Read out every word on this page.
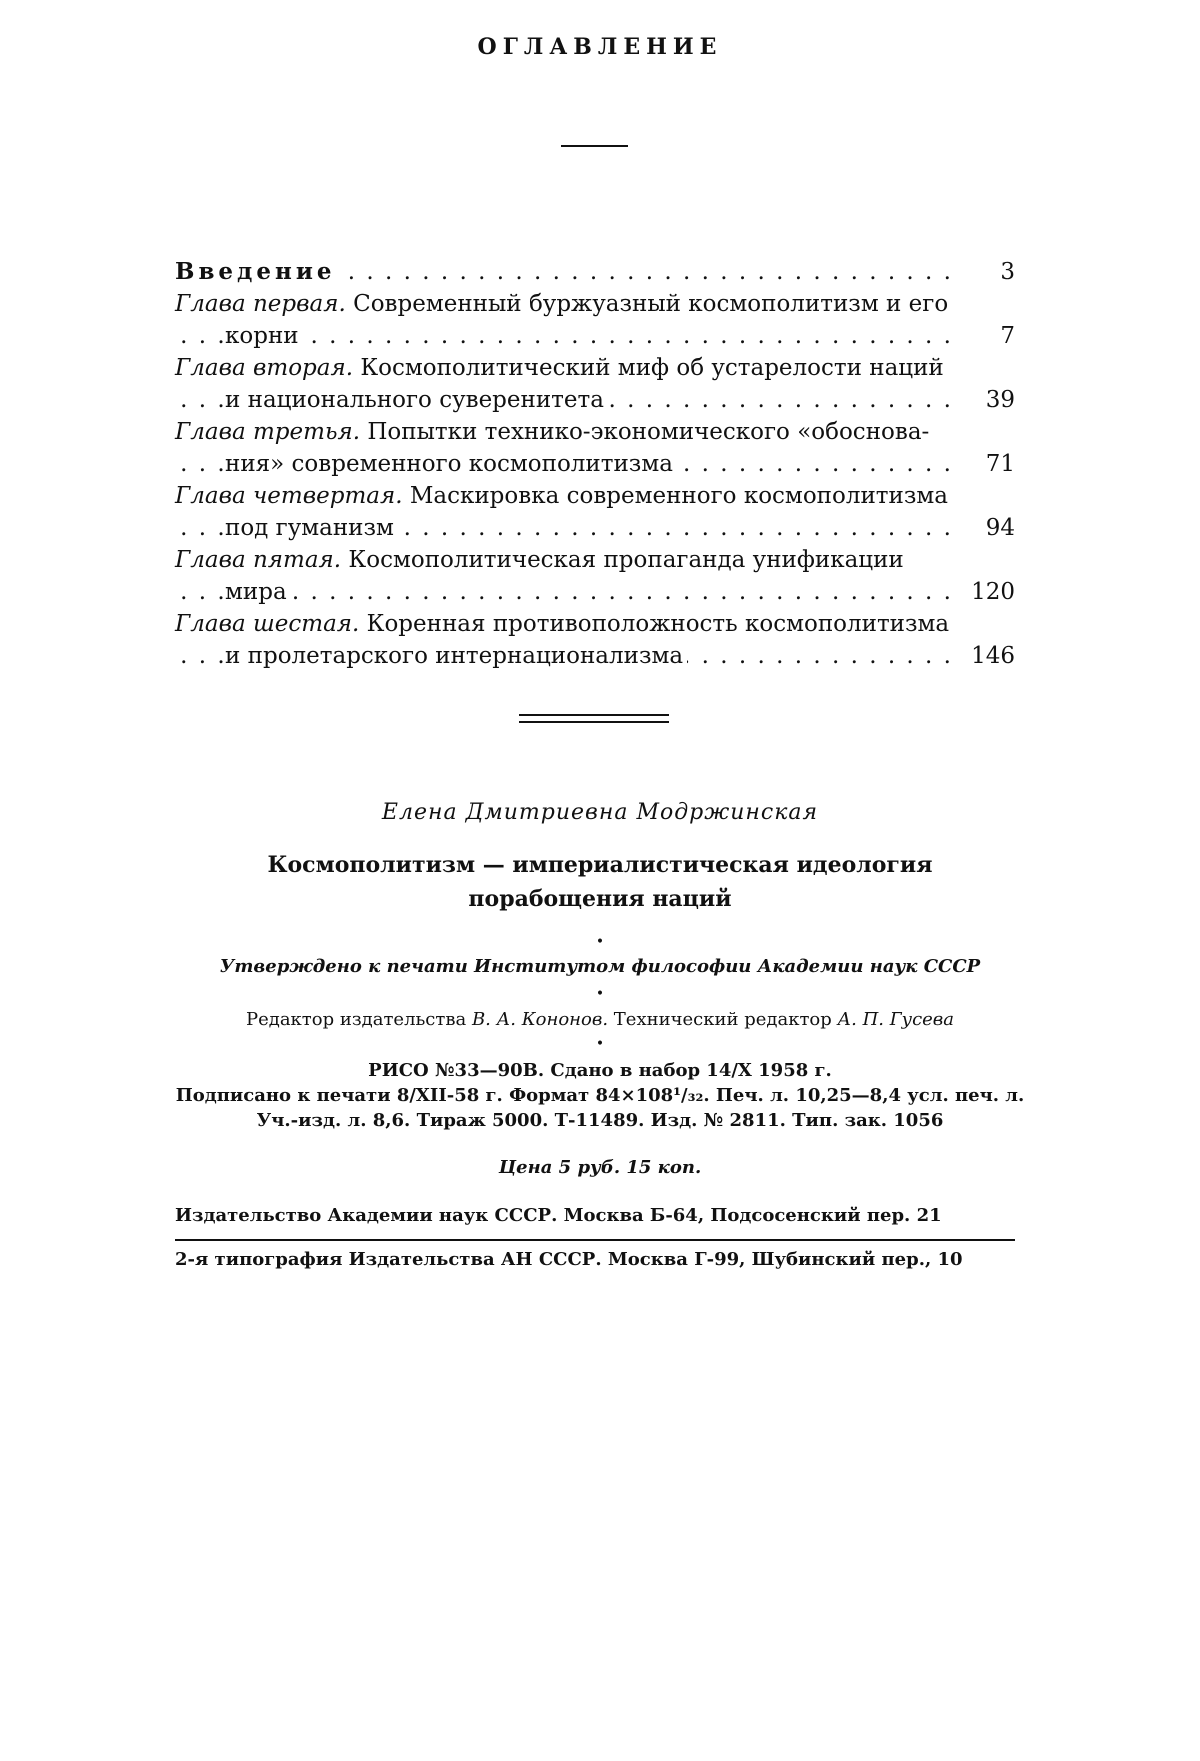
ОГЛАВЛЕНИЕ
Введение	3
. . .
Глава первая. Современный буржуазный космополитизм и его
корни	7
. . .
Глава вторая. Космополитический миф об устарелости наций
и национального суверенитета	39
. . .
Глава третья. Попытки технико-экономического «обоснова-
ния» современного космополитизма	71
. . .
Глава четвертая. Маскировка современного космополитизма
под гуманизм	94
. . .
Глава пятая. Космополитическая пропаганда унификации
мира	120
. . .
Глава шестая. Коренная противоположность космополитизма
и пролетарского интернационализма	146
. . .
Елена Дмитриевна Модржинская
Космополитизм — империалистическая идеология
порабощения наций
•
Утверждено к печати Институтом философии Академии наук СССР
•
Редактор издательства В. А. Кононов. Технический редактор А. П. Гусева
•
РИСО №33—90В. Сдано в набор 14/X 1958 г.
Подписано к печати 8/XII-58 г. Формат 84×108¹/₃₂. Печ. л. 10,25—8,4 усл. печ. л.
Уч.-изд. л. 8,6. Тираж 5000. Т-11489. Изд. № 2811. Тип. зак. 1056
Цена 5 руб. 15 коп.
Издательство Академии наук СССР. Москва Б-64, Подсосенский пер. 21
2-я типография Издательства АН СССР. Москва Г-99, Шубинский пер., 10
